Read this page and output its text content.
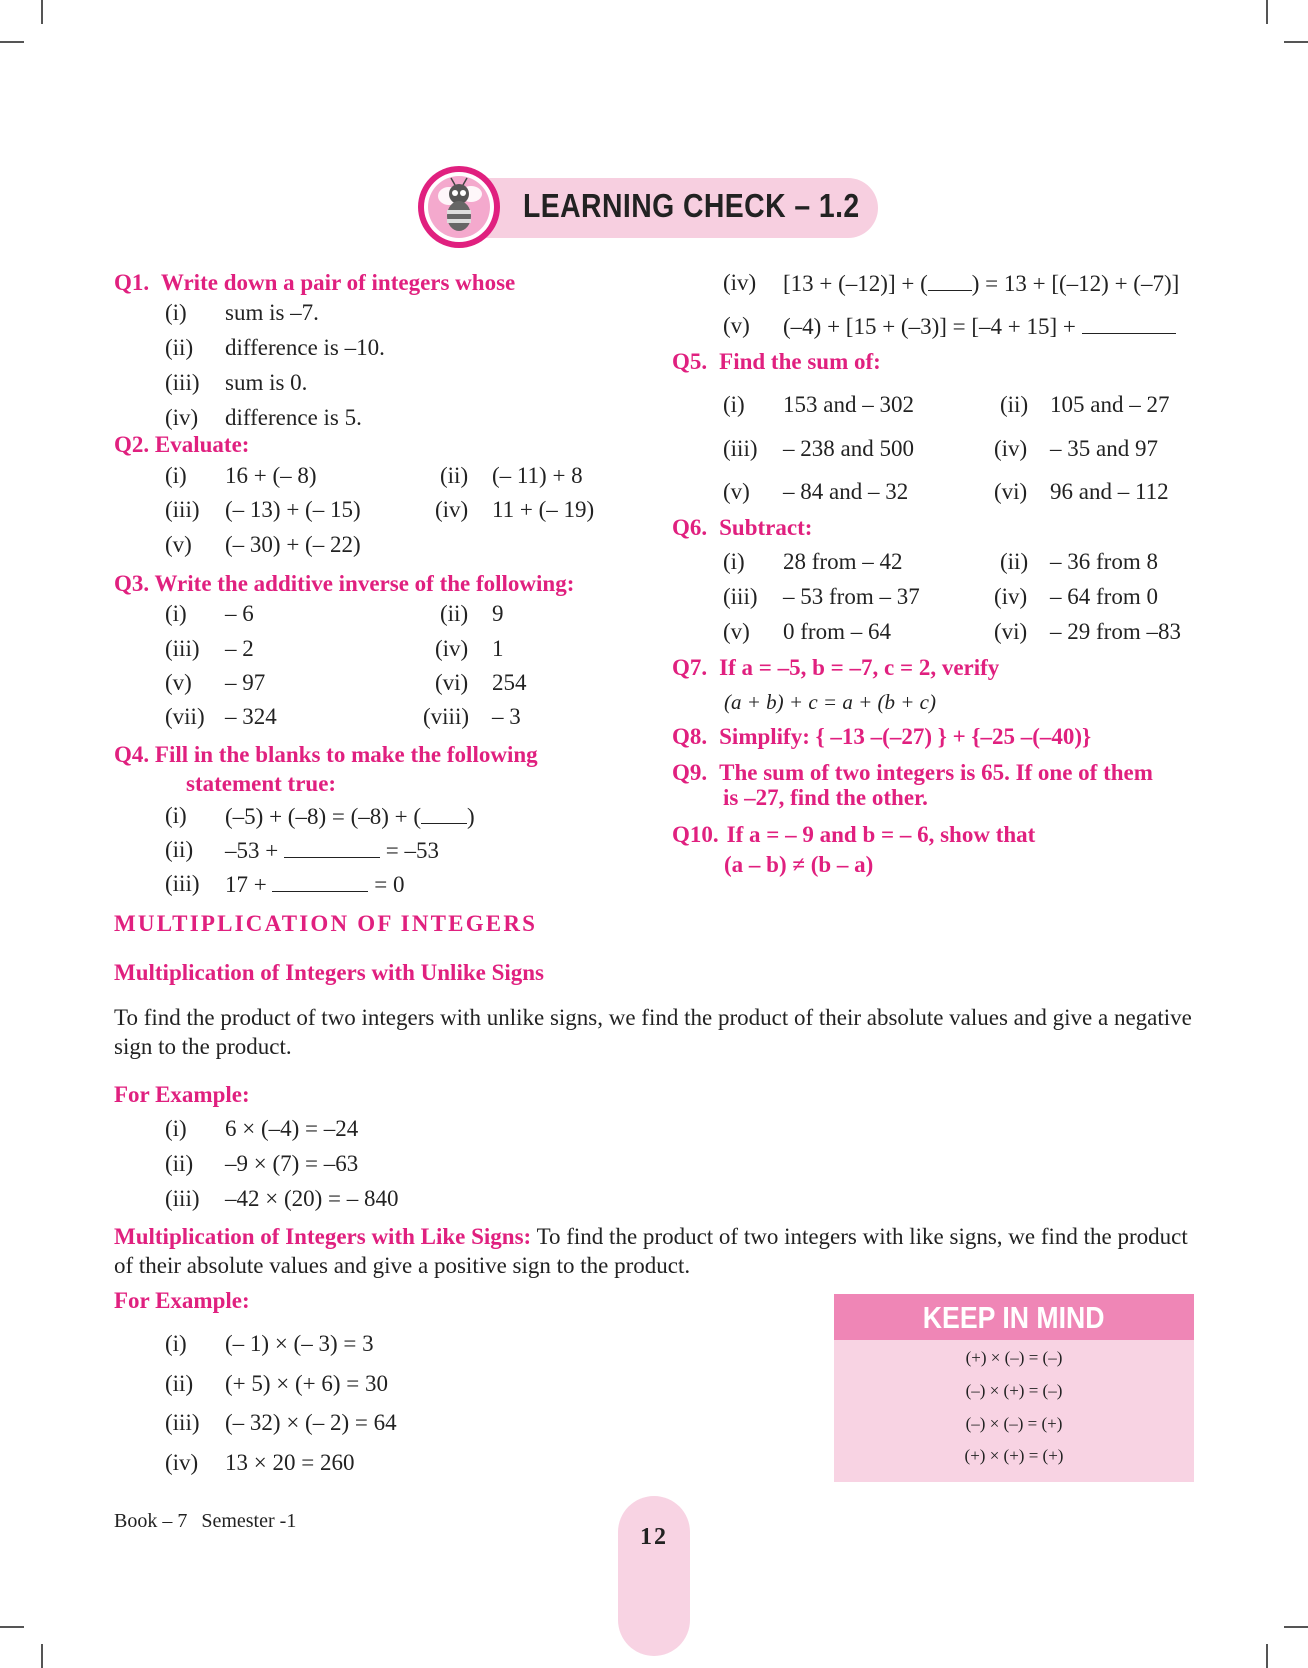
LEARNING CHECK – 1.2
Q1. Write down a pair of integers whose
(i) sum is –7.
(ii) difference is –10.
(iii) sum is 0.
(iv) difference is 5.
Q2. Evaluate:
(i) 16 + (– 8)	(ii) (– 11) + 8
(iii) (– 13) + (– 15)	(iv) 11 + (– 19)
(v) (– 30) + (– 22)
Q3. Write the additive inverse of the following:
(i) – 6	(ii) 9
(iii) – 2	(iv) 1
(v) – 97	(vi) 254
(vii) – 324	(viii) – 3
Q4. Fill in the blanks to make the following
statement true:
(i) (–5) + (–8) = (–8) + ( )
(ii) –53 +	= –53
(iii) 17 +	= 0
(iv) [13 + (–12)] + ( ) = 13 + [(–12) + (–7)]
(v) (–4) + [15 + (–3)] = [–4 + 15] +
Q5. Find the sum of:
(i) 153 and – 302	(ii) 105 and – 27
(iii) – 238 and 500	(iv) – 35 and 97
(v) – 84 and – 32	(vi) 96 and – 112
Q6. Subtract:
(i) 28 from – 42	(ii) – 36 from 8
(iii) – 53 from – 37	(iv) – 64 from 0
(v) 0 from – 64	(vi) – 29 from –83
Q7. If a = –5, b = –7, c = 2, verify
(a + b) + c = a + (b + c)
Q8. Simplify: { –13 –(–27) } + {–25 –(–40)}
Q9. The sum of two integers is 65. If one of them
is –27, find the other.
Q10. If a = – 9 and b = – 6, show that
(a – b) ≠ (b – a)
MULTIPLICATION OF INTEGERS
Multiplication of Integers with Unlike Signs
To find the product of two integers with unlike signs, we find the product of their absolute values and give a negative sign to the product.
For Example:
(i) 6 × (–4) = –24
(ii) –9 × (7) = –63
(iii) –42 × (20) = – 840
Multiplication of Integers with Like Signs: To find the product of two integers with like signs, we find the product of their absolute values and give a positive sign to the product.
For Example:
(i) (– 1) × (– 3) = 3
(ii) (+ 5) × (+ 6) = 30
(iii) (– 32) × (– 2) = 64
(iv) 13 × 20 = 260
KEEP IN MIND
(+) × (–) = (–)
(–) × (+) = (–)
(–) × (–) = (+)
(+) × (+) = (+)
Book – 7 Semester -1
12
